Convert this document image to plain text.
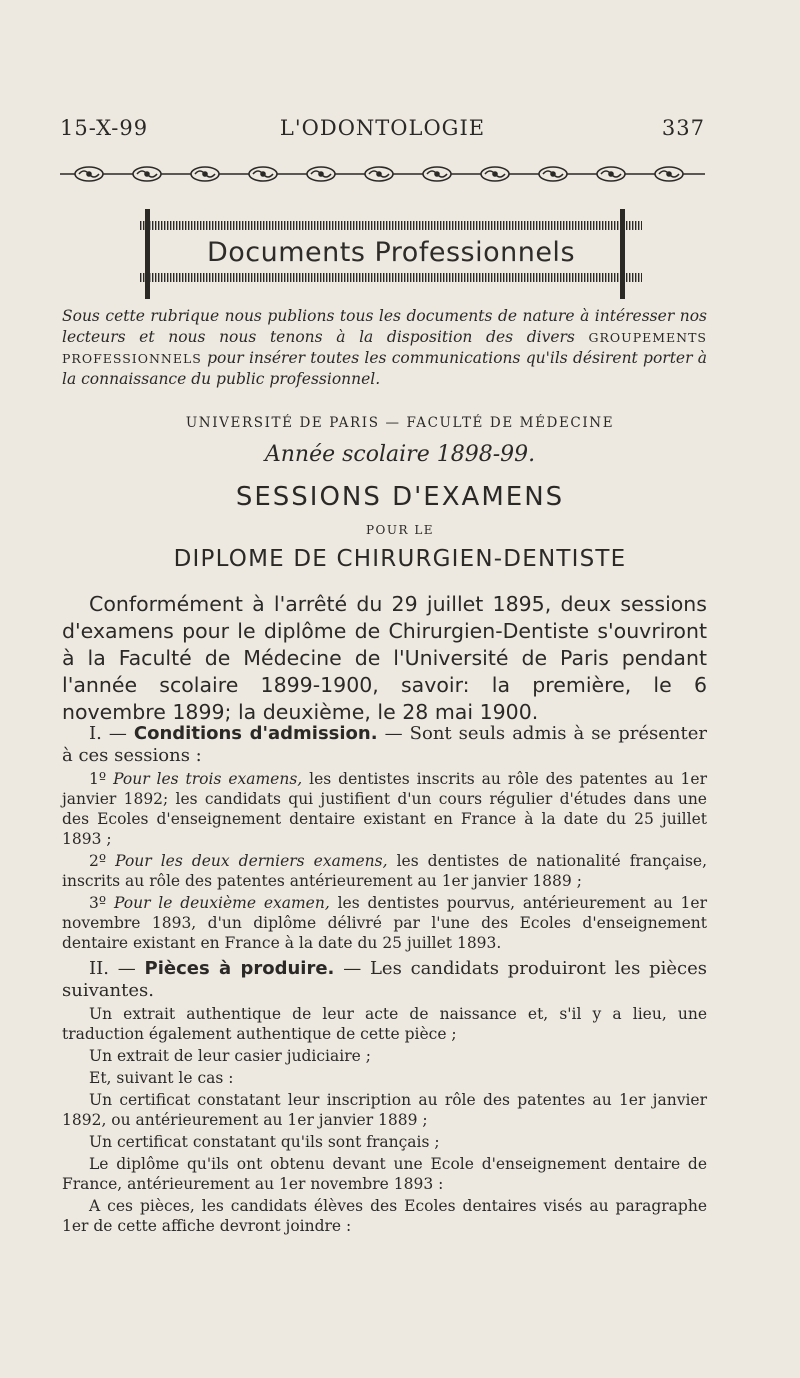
15-X-99	L'ODONTOLOGIE	337
Documents Professionnels

Sous cette rubrique nous publions tous les documents de nature à intéresser nos lecteurs et nous nous tenons à la disposition des divers GROUPEMENTS PROFESSIONNELS pour insérer toutes les communications qu'ils désirent porter à la connaissance du public professionnel.

UNIVERSITÉ DE PARIS — FACULTÉ DE MÉDECINE
Année scolaire 1898-99.
SESSIONS D'EXAMENS
POUR LE
DIPLOME DE CHIRURGIEN-DENTISTE

Conformément à l'arrêté du 29 juillet 1895, deux sessions d'examens pour le diplôme de Chirurgien-Dentiste s'ouvriront à la Faculté de Médecine de l'Université de Paris pendant l'année scolaire 1899-1900, savoir: la première, le 6 novembre 1899; la deuxième, le 28 mai 1900.

I. — Conditions d'admission. — Sont seuls admis à se présenter à ces sessions :

1º Pour les trois examens, les dentistes inscrits au rôle des patentes au 1er janvier 1892; les candidats qui justifient d'un cours régulier d'études dans une des Ecoles d'enseignement dentaire existant en France à la date du 25 juillet 1893 ;

2º Pour les deux derniers examens, les dentistes de nationalité française, inscrits au rôle des patentes antérieurement au 1er janvier 1889 ;

3º Pour le deuxième examen, les dentistes pourvus, antérieurement au 1er novembre 1893, d'un diplôme délivré par l'une des Ecoles d'enseignement dentaire existant en France à la date du 25 juillet 1893.

II. — Pièces à produire. — Les candidats produiront les pièces suivantes.

Un extrait authentique de leur acte de naissance et, s'il y a lieu, une traduction également authentique de cette pièce ;

Un extrait de leur casier judiciaire ;

Et, suivant le cas :

Un certificat constatant leur inscription au rôle des patentes au 1er janvier 1892, ou antérieurement au 1er janvier 1889 ;

Un certificat constatant qu'ils sont français ;

Le diplôme qu'ils ont obtenu devant une Ecole d'enseignement dentaire de France, antérieurement au 1er novembre 1893 :

A ces pièces, les candidats élèves des Ecoles dentaires visés au paragraphe 1er de cette affiche devront joindre :
